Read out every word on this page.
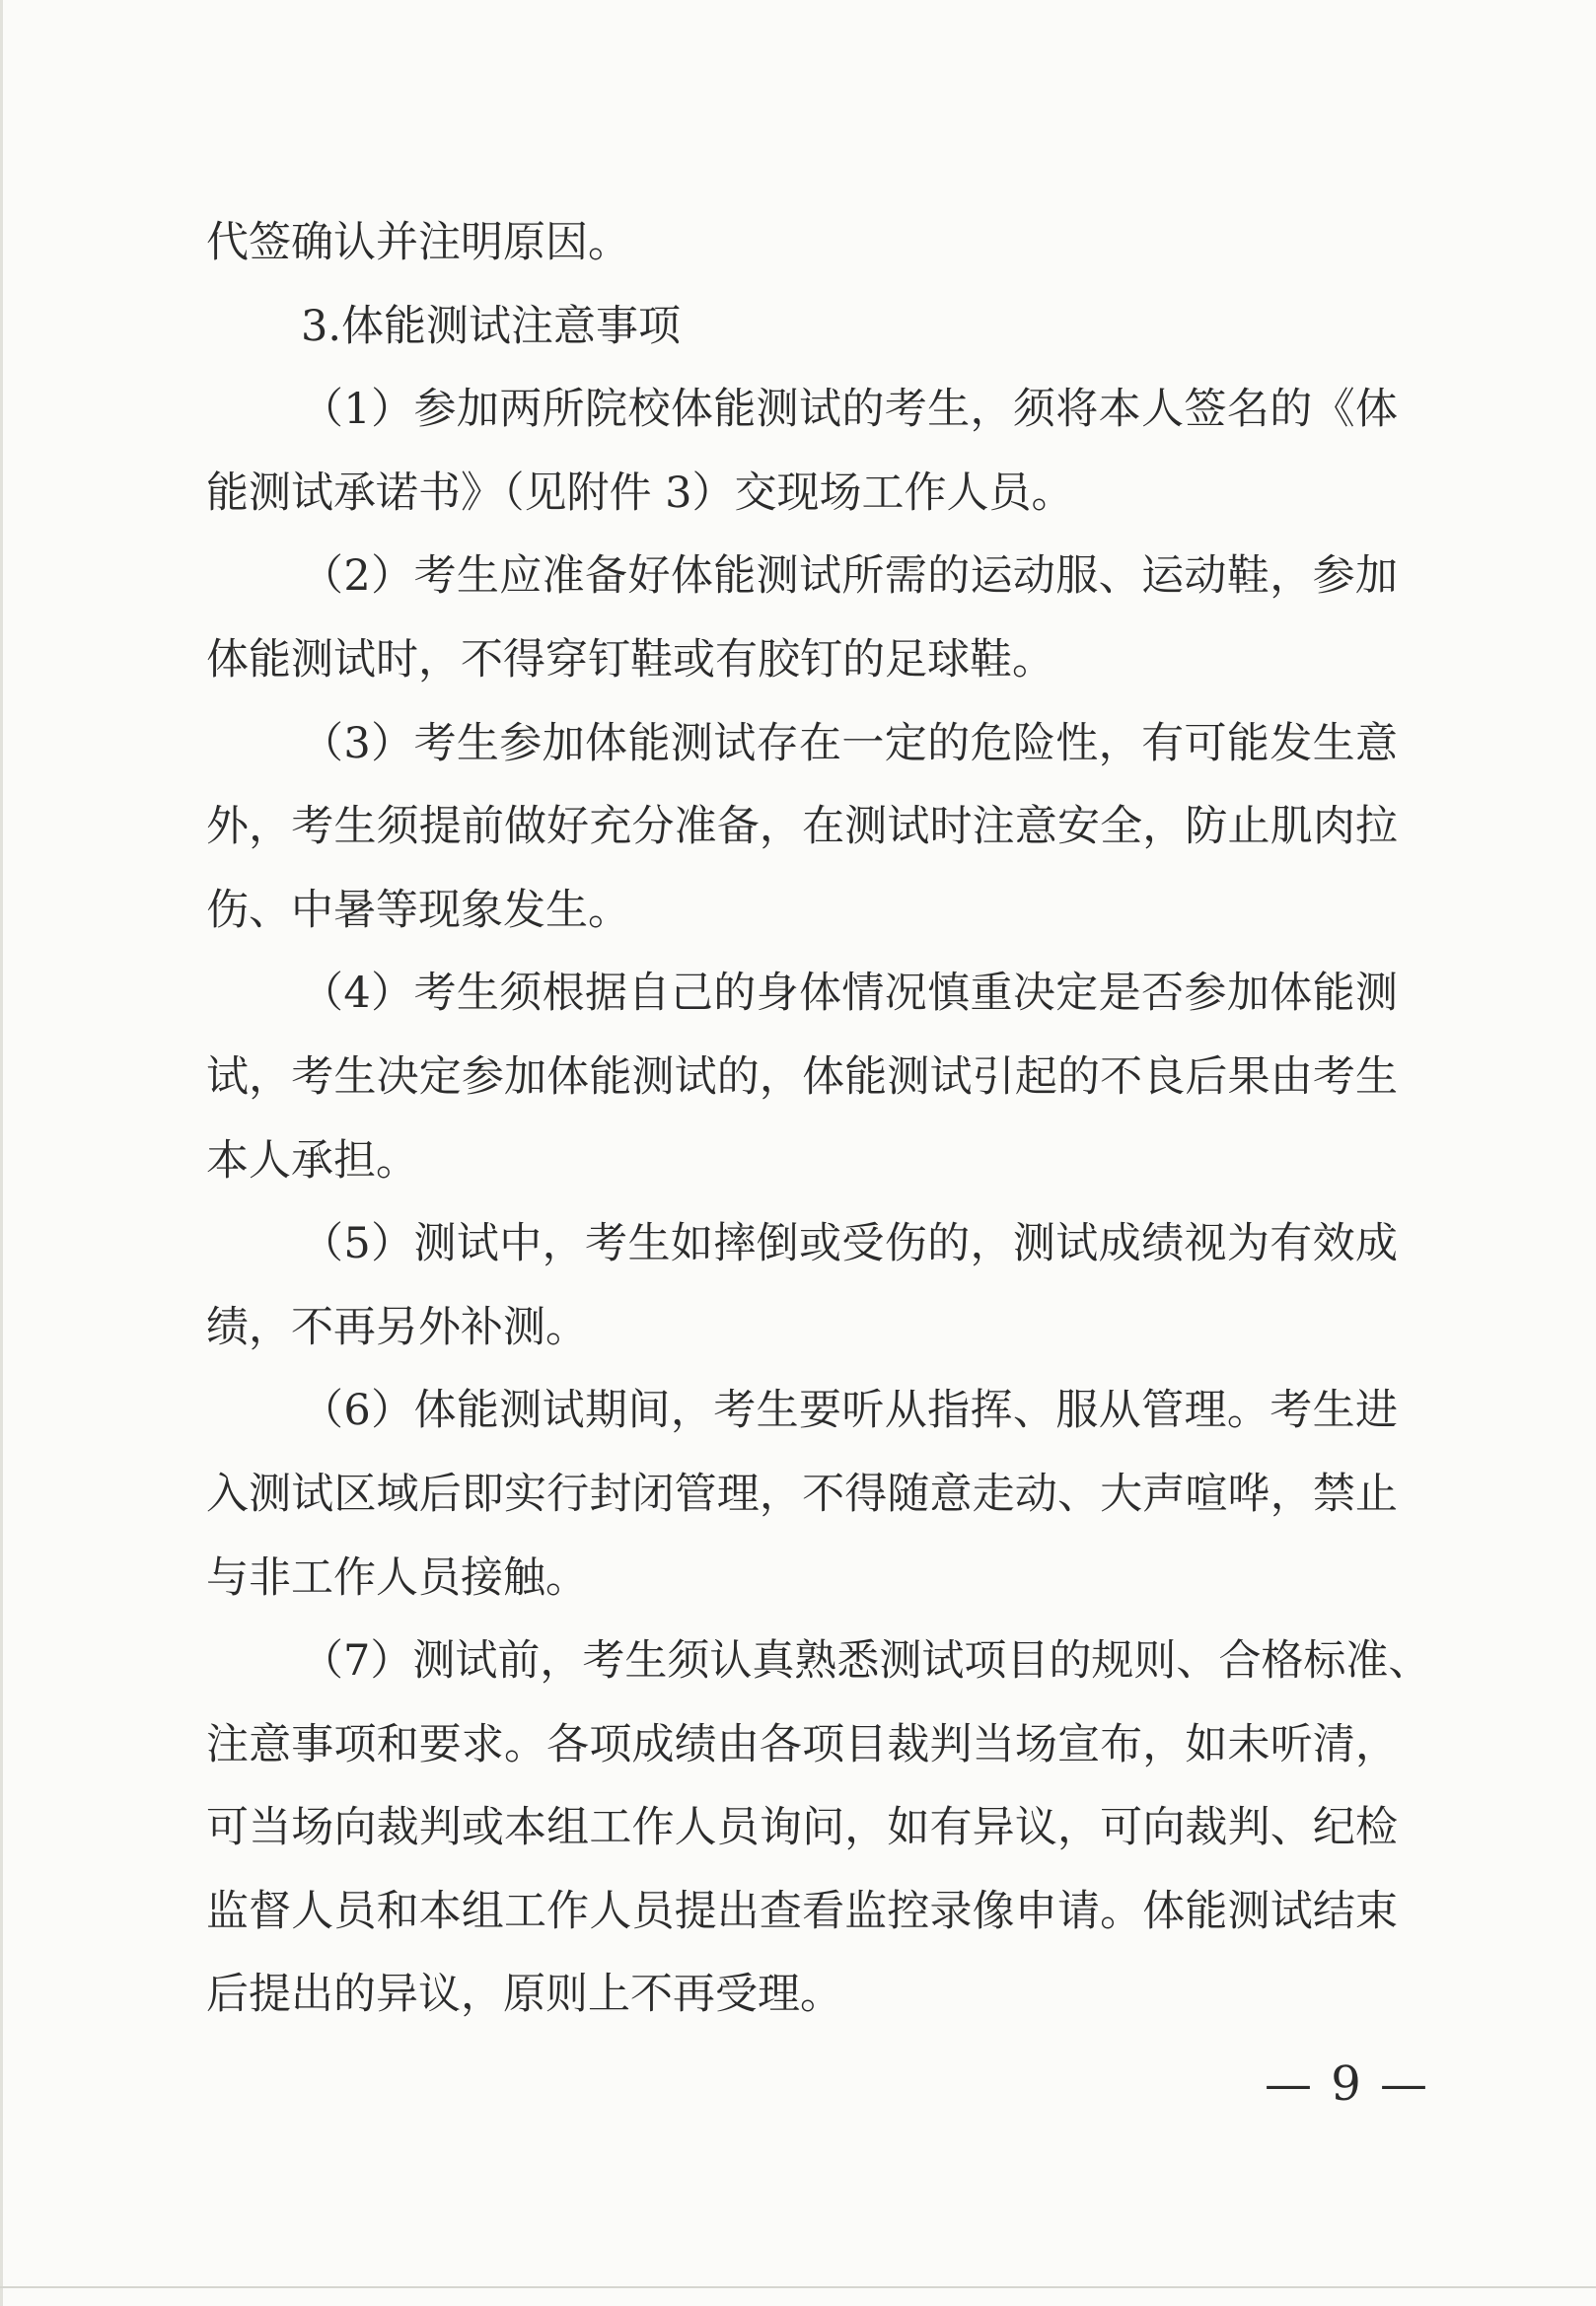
代签确认并注明原因。
3.体能测试注意事项
（1）参加两所院校体能测试的考生，须将本人签名的《体
能测试承诺书》（见附件 3）交现场工作人员。
（2）考生应准备好体能测试所需的运动服、运动鞋，参加
体能测试时，不得穿钉鞋或有胶钉的足球鞋。
（3）考生参加体能测试存在一定的危险性，有可能发生意
外，考生须提前做好充分准备，在测试时注意安全，防止肌肉拉
伤、中暑等现象发生。
（4）考生须根据自己的身体情况慎重决定是否参加体能测
试，考生决定参加体能测试的，体能测试引起的不良后果由考生
本人承担。
（5）测试中，考生如摔倒或受伤的，测试成绩视为有效成
绩，不再另外补测。
（6）体能测试期间，考生要听从指挥、服从管理。考生进
入测试区域后即实行封闭管理，不得随意走动、大声喧哗，禁止
与非工作人员接触。
（7）测试前，考生须认真熟悉测试项目的规则、合格标准、
注意事项和要求。各项成绩由各项目裁判当场宣布，如未听清，
可当场向裁判或本组工作人员询问，如有异议，可向裁判、纪检
监督人员和本组工作人员提出查看监控录像申请。体能测试结束
后提出的异议，原则上不再受理。
— 9 —
